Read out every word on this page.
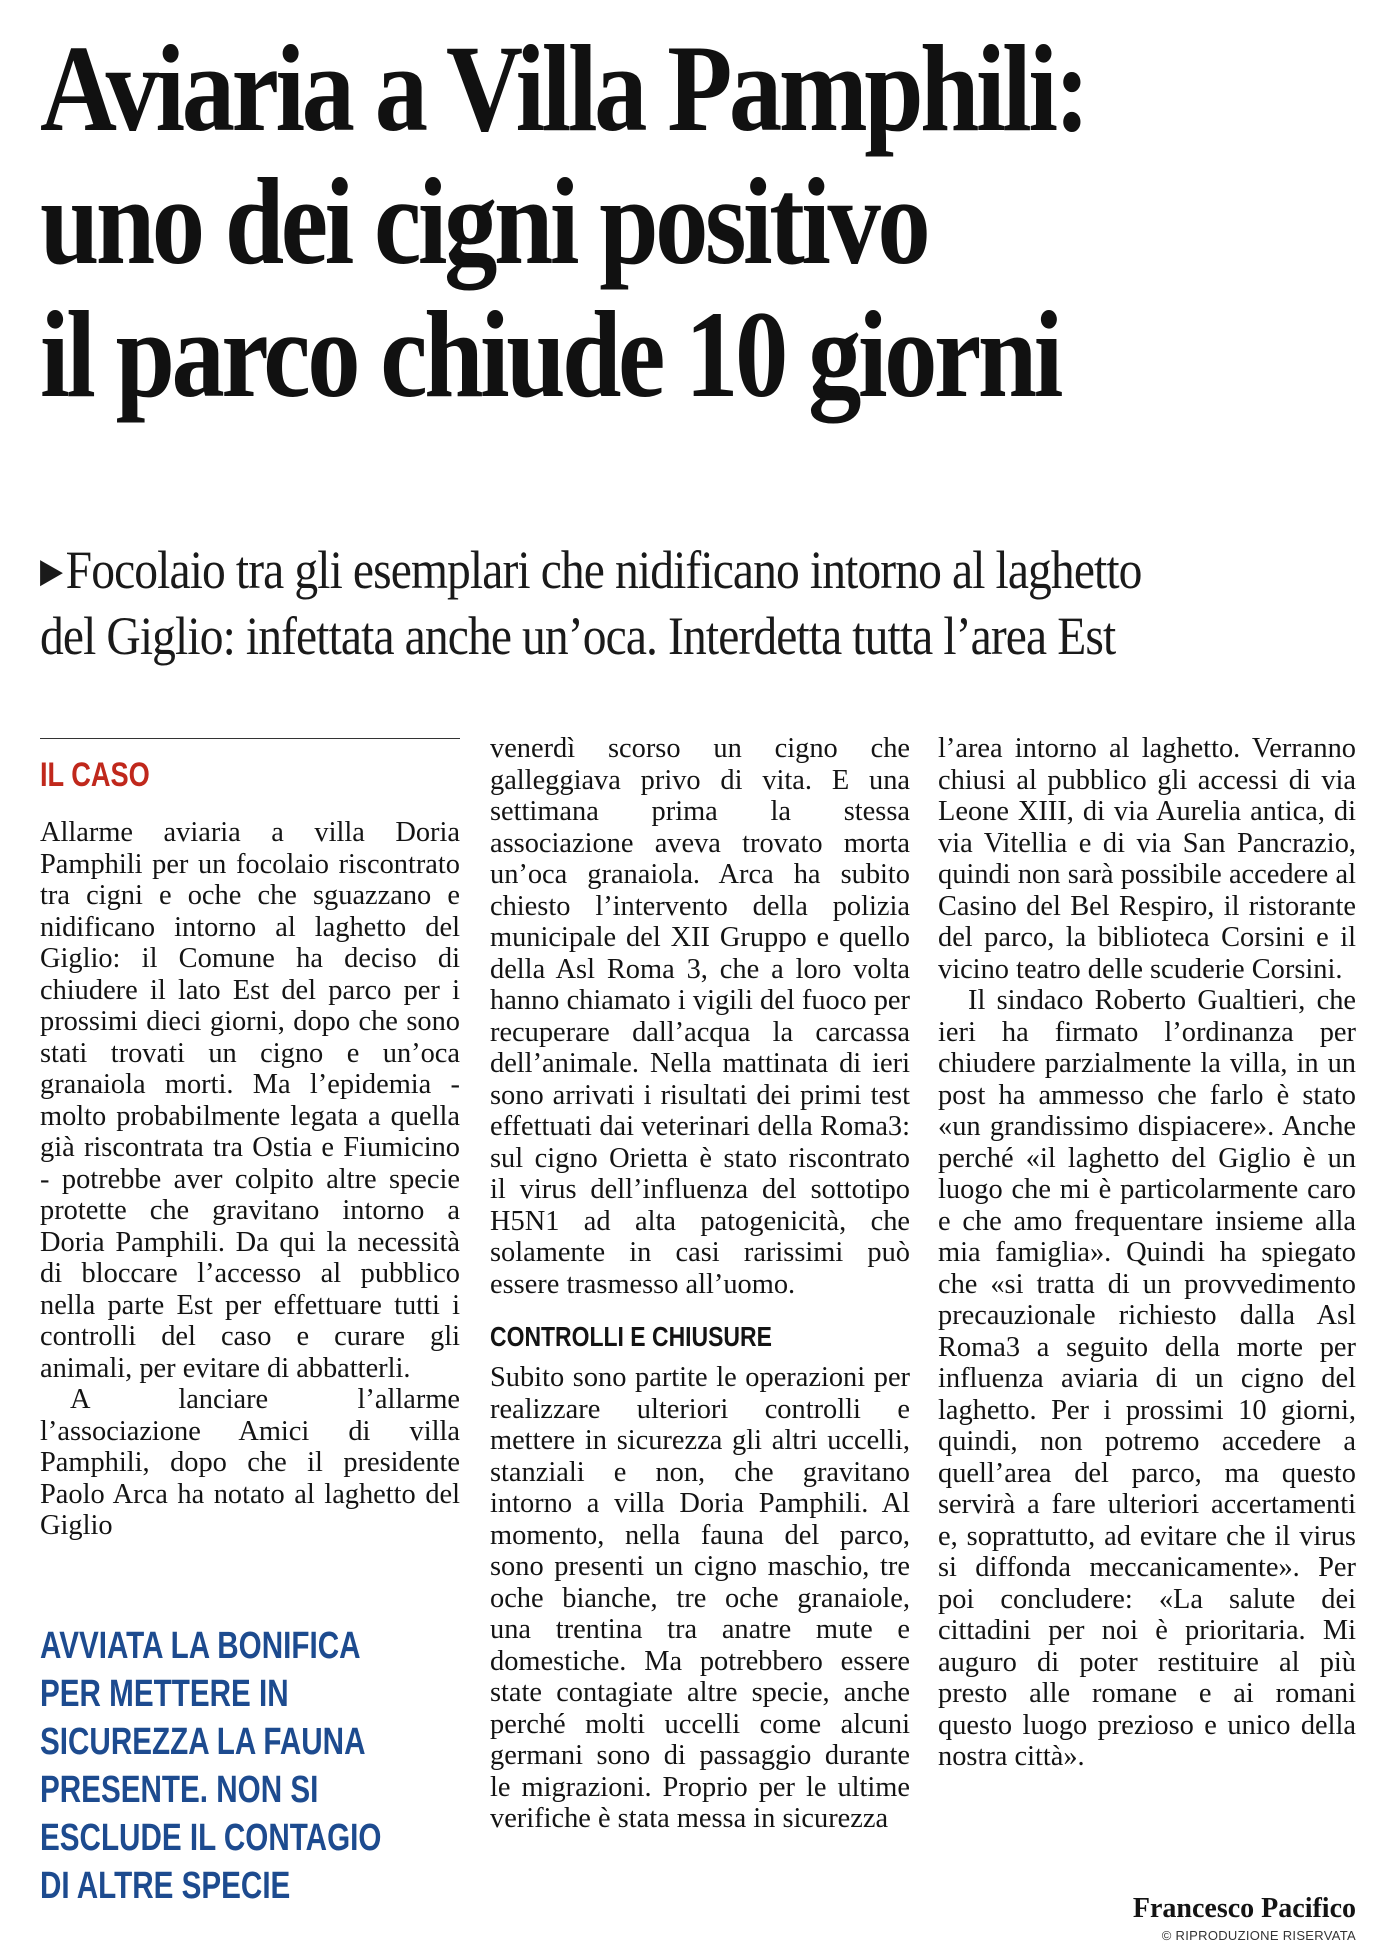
Aviaria a Villa Pamphili:
uno dei cigni positivo
il parco chiude 10 giorni
▶Focolaio tra gli esemplari che nidificano intorno al laghetto
del Giglio: infettata anche un’oca. Interdetta tutta l’area Est
IL CASO

Allarme aviaria a villa Doria Pamphili per un focolaio riscontrato tra cigni e oche che sguazzano e nidificano intorno al laghetto del Giglio: il Comune ha deciso di chiudere il lato Est del parco per i prossimi dieci giorni, dopo che sono stati trovati un cigno e un’oca granaiola morti. Ma l’epidemia - molto probabilmente legata a quella già riscontrata tra Ostia e Fiumicino - potrebbe aver colpito altre specie protette che gravitano intorno a Doria Pamphili. Da qui la necessità di bloccare l’accesso al pubblico nella parte Est per effettuare tutti i controlli del caso e curare gli animali, per evitare di abbatterli.

A lanciare l’allarme l’associazione Amici di villa Pamphili, dopo che il presidente Paolo Arca ha notato al laghetto del Giglio

AVVIATA LA BONIFICA
PER METTERE IN
SICUREZZA LA FAUNA
PRESENTE. NON SI
ESCLUDE IL CONTAGIO
DI ALTRE SPECIE

venerdì scorso un cigno che galleggiava privo di vita. E una settimana prima la stessa associazione aveva trovato morta un’oca granaiola. Arca ha subito chiesto l’intervento della polizia municipale del XII Gruppo e quello della Asl Roma 3, che a loro volta hanno chiamato i vigili del fuoco per recuperare dall’acqua la carcassa dell’animale. Nella mattinata di ieri sono arrivati i risultati dei primi test effettuati dai veterinari della Roma3: sul cigno Orietta è stato riscontrato il virus dell’influenza del sottotipo H5N1 ad alta patogenicità, che solamente in casi rarissimi può essere trasmesso all’uomo.

CONTROLLI E CHIUSURE

Subito sono partite le operazioni per realizzare ulteriori controlli e mettere in sicurezza gli altri uccelli, stanziali e non, che gravitano intorno a villa Doria Pamphili. Al momento, nella fauna del parco, sono presenti un cigno maschio, tre oche bianche, tre oche granaiole, una trentina tra anatre mute e domestiche. Ma potrebbero essere state contagiate altre specie, anche perché molti uccelli come alcuni germani sono di passaggio durante le migrazioni. Proprio per le ultime verifiche è stata messa in sicurezza

l’area intorno al laghetto. Verranno chiusi al pubblico gli accessi di via Leone XIII, di via Aurelia antica, di via Vitellia e di via San Pancrazio, quindi non sarà possibile accedere al Casino del Bel Respiro, il ristorante del parco, la biblioteca Corsini e il vicino teatro delle scuderie Corsini.

Il sindaco Roberto Gualtieri, che ieri ha firmato l’ordinanza per chiudere parzialmente la villa, in un post ha ammesso che farlo è stato «un grandissimo dispiacere». Anche perché «il laghetto del Giglio è un luogo che mi è particolarmente caro e che amo frequentare insieme alla mia famiglia». Quindi ha spiegato che «si tratta di un provvedimento precauzionale richiesto dalla Asl Roma3 a seguito della morte per influenza aviaria di un cigno del laghetto. Per i prossimi 10 giorni, quindi, non potremo accedere a quell’area del parco, ma questo servirà a fare ulteriori accertamenti e, soprattutto, ad evitare che il virus si diffonda meccanicamente». Per poi concludere: «La salute dei cittadini per noi è prioritaria. Mi auguro di poter restituire al più presto alle romane e ai romani questo luogo prezioso e unico della nostra città».

Francesco Pacifico
© RIPRODUZIONE RISERVATA
